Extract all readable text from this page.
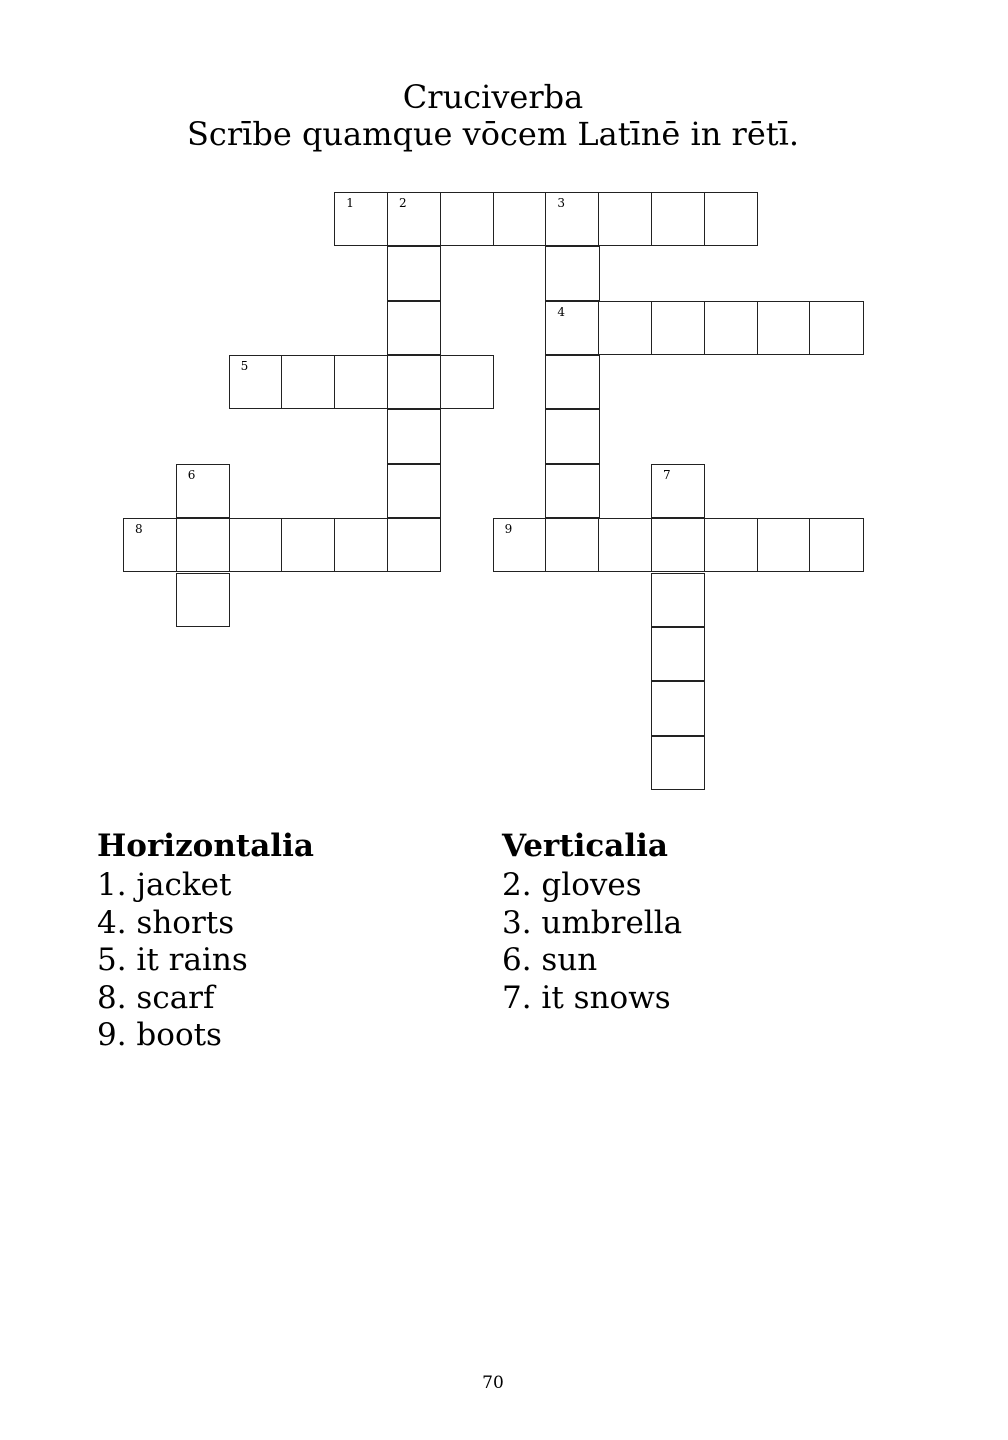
Cruciverba
Scrībe quamque vōcem Latīnē in rētī.
1	2	3
4
5
8	9
6	7
Horizontalia
1. jacket
4. shorts
5. it rains
8. scarf
9. boots
Verticalia
2. gloves
3. umbrella
6. sun
7. it snows
70
